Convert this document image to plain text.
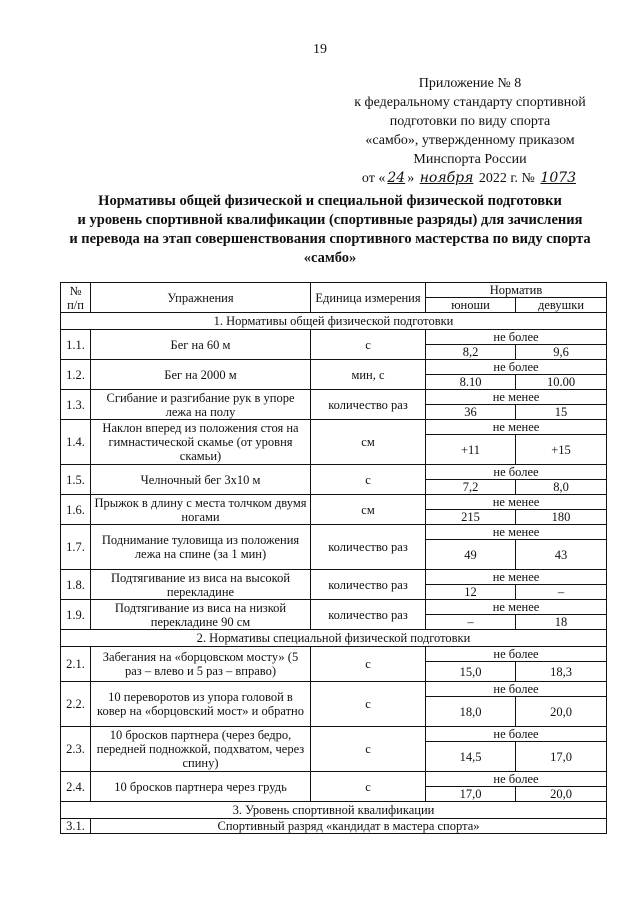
19
Приложение № 8
к федеральному стандарту спортивной
подготовки по виду спорта
«самбо», утвержденному приказом
Минспорта России
от « 24 » ноября 2022 г. № 1073
Нормативы общей физической и специальной физической подготовки
и уровень спортивной квалификации (спортивные разряды) для зачисления
и перевода на этап совершенствования спортивного мастерства по виду спорта
«самбо»
№ п/п	Упражнения	Единица измерения	Норматив	
			юноши	девушки
1. Нормативы общей физической подготовки				
1.1.	Бег на 60 м	с	не более	
			8,2	9,6
1.2.	Бег на 2000 м	мин, с	не более	
			8.10	10.00
1.3.	Сгибание и разгибание рук в упоре лежа на полу	количество раз	не менее	
			36	15
1.4.	Наклон вперед из положения стоя на гимнастической скамье (от уровня скамьи)	см	не менее	
			+11	+15
1.5.	Челночный бег 3х10 м	с	не более	
			7,2	8,0
1.6.	Прыжок в длину с места толчком двумя ногами	см	не менее	
			215	180
1.7.	Поднимание туловища из положения лежа на спине (за 1 мин)	количество раз	не менее	
			49	43
1.8.	Подтягивание из виса на высокой перекладине	количество раз	не менее	
			12	–
1.9.	Подтягивание из виса на низкой перекладине 90 см	количество раз	не менее	
			–	18
2. Нормативы специальной физической подготовки				
2.1.	Забегания на «борцовском мосту» (5 раз – влево и 5 раз – вправо)	с	не более	
			15,0	18,3
2.2.	10 переворотов из упора головой в ковер на «борцовский мост» и обратно	с	не более	
			18,0	20,0
2.3.	10 бросков партнера (через бедро, передней подножкой, подхватом, через спину)	с	не более	
			14,5	17,0
2.4.	10 бросков партнера через грудь	с	не более	
			17,0	20,0
3. Уровень спортивной квалификации				
3.1.	Спортивный разряд «кандидат в мастера спорта»			
